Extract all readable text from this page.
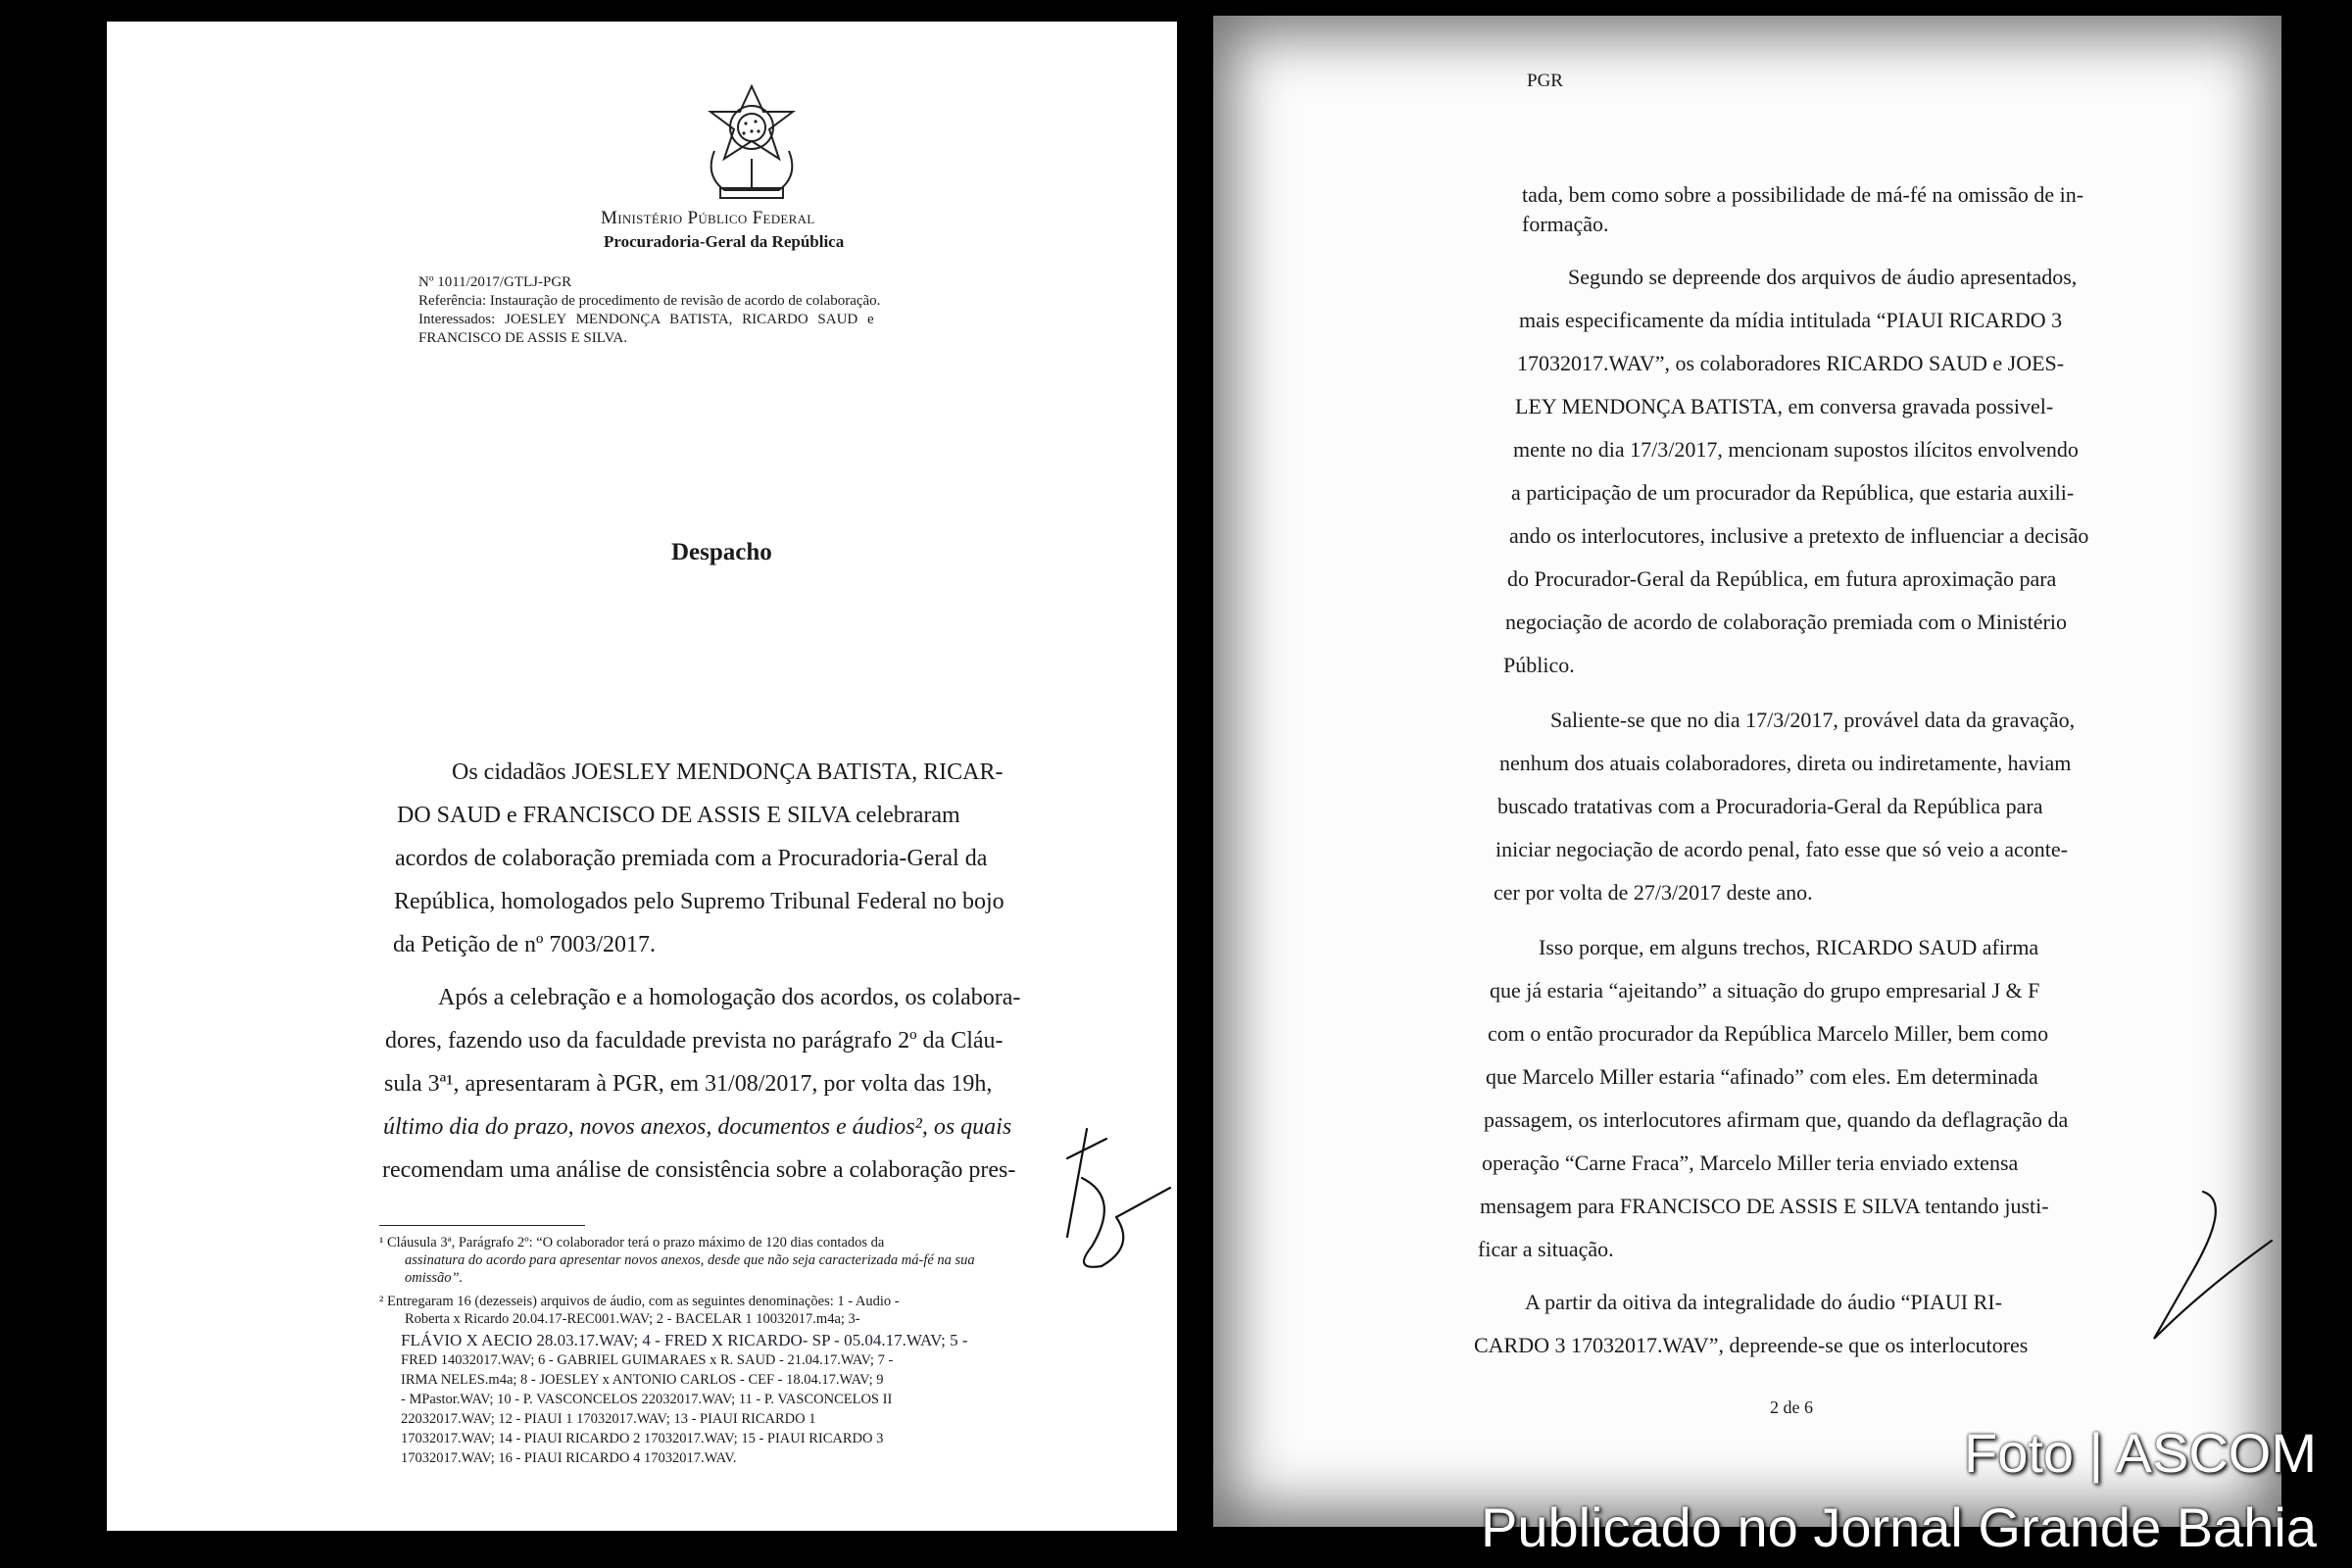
Ministério Público Federal
Procuradoria-Geral da República
Nº 1011/2017/GTLJ-PGR
Referência: Instauração de procedimento de revisão de acordo de colaboração.
Interessados: JOESLEY MENDONÇA BATISTA, RICARDO SAUD e
FRANCISCO DE ASSIS E SILVA.
Despacho
Os cidadãos JOESLEY MENDONÇA BATISTA, RICAR-
DO SAUD e FRANCISCO DE ASSIS E SILVA celebraram
acordos de colaboração premiada com a Procuradoria-Geral da
República, homologados pelo Supremo Tribunal Federal no bojo
da Petição de nº 7003/2017.
Após a celebração e a homologação dos acordos, os colabora-
dores, fazendo uso da faculdade prevista no parágrafo 2º da Cláu-
sula 3ª¹, apresentaram à PGR, em 31/08/2017, por volta das 19h,
último dia do prazo, novos anexos, documentos e áudios², os quais
recomendam uma análise de consistência sobre a colaboração pres-
¹ Cláusula 3ª, Parágrafo 2º: “O colaborador terá o prazo máximo de 120 dias contados da
assinatura do acordo para apresentar novos anexos, desde que não seja caracterizada má-fé na sua
omissão”.
² Entregaram 16 (dezesseis) arquivos de áudio, com as seguintes denominações: 1 - Audio -
Roberta x Ricardo 20.04.17-REC001.WAV; 2 - BACELAR 1 10032017.m4a; 3-
FLÁVIO X AECIO 28.03.17.WAV; 4 - FRED X RICARDO- SP - 05.04.17.WAV; 5 -
FRED 14032017.WAV; 6 - GABRIEL GUIMARAES x R. SAUD - 21.04.17.WAV; 7 -
IRMA NELES.m4a; 8 - JOESLEY x ANTONIO CARLOS - CEF - 18.04.17.WAV; 9
- MPastor.WAV; 10 - P. VASCONCELOS 22032017.WAV; 11 - P. VASCONCELOS II
22032017.WAV; 12 - PIAUI 1 17032017.WAV; 13 - PIAUI RICARDO 1
17032017.WAV; 14 - PIAUI RICARDO 2 17032017.WAV; 15 - PIAUI RICARDO 3
17032017.WAV; 16 - PIAUI RICARDO 4 17032017.WAV.
PGR
tada, bem como sobre a possibilidade de má-fé na omissão de in-
formação.
Segundo se depreende dos arquivos de áudio apresentados,
mais especificamente da mídia intitulada “PIAUI RICARDO 3
17032017.WAV”, os colaboradores RICARDO SAUD e JOES-
LEY MENDONÇA BATISTA, em conversa gravada possivel-
mente no dia 17/3/2017, mencionam supostos ilícitos envolvendo
a participação de um procurador da República, que estaria auxili-
ando os interlocutores, inclusive a pretexto de influenciar a decisão
do Procurador-Geral da República, em futura aproximação para
negociação de acordo de colaboração premiada com o Ministério
Público.
Saliente-se que no dia 17/3/2017, provável data da gravação,
nenhum dos atuais colaboradores, direta ou indiretamente, haviam
buscado tratativas com a Procuradoria-Geral da República para
iniciar negociação de acordo penal, fato esse que só veio a aconte-
cer por volta de 27/3/2017 deste ano.
Isso porque, em alguns trechos, RICARDO SAUD afirma
que já estaria “ajeitando” a situação do grupo empresarial J & F
com o então procurador da República Marcelo Miller, bem como
que Marcelo Miller estaria “afinado” com eles. Em determinada
passagem, os interlocutores afirmam que, quando da deflagração da
operação “Carne Fraca”, Marcelo Miller teria enviado extensa
mensagem para FRANCISCO DE ASSIS E SILVA tentando justi-
ficar a situação.
A partir da oitiva da integralidade do áudio “PIAUI RI-
CARDO 3 17032017.WAV”, depreende-se que os interlocutores
2 de 6
Foto | ASCOM
Publicado no Jornal Grande Bahia
